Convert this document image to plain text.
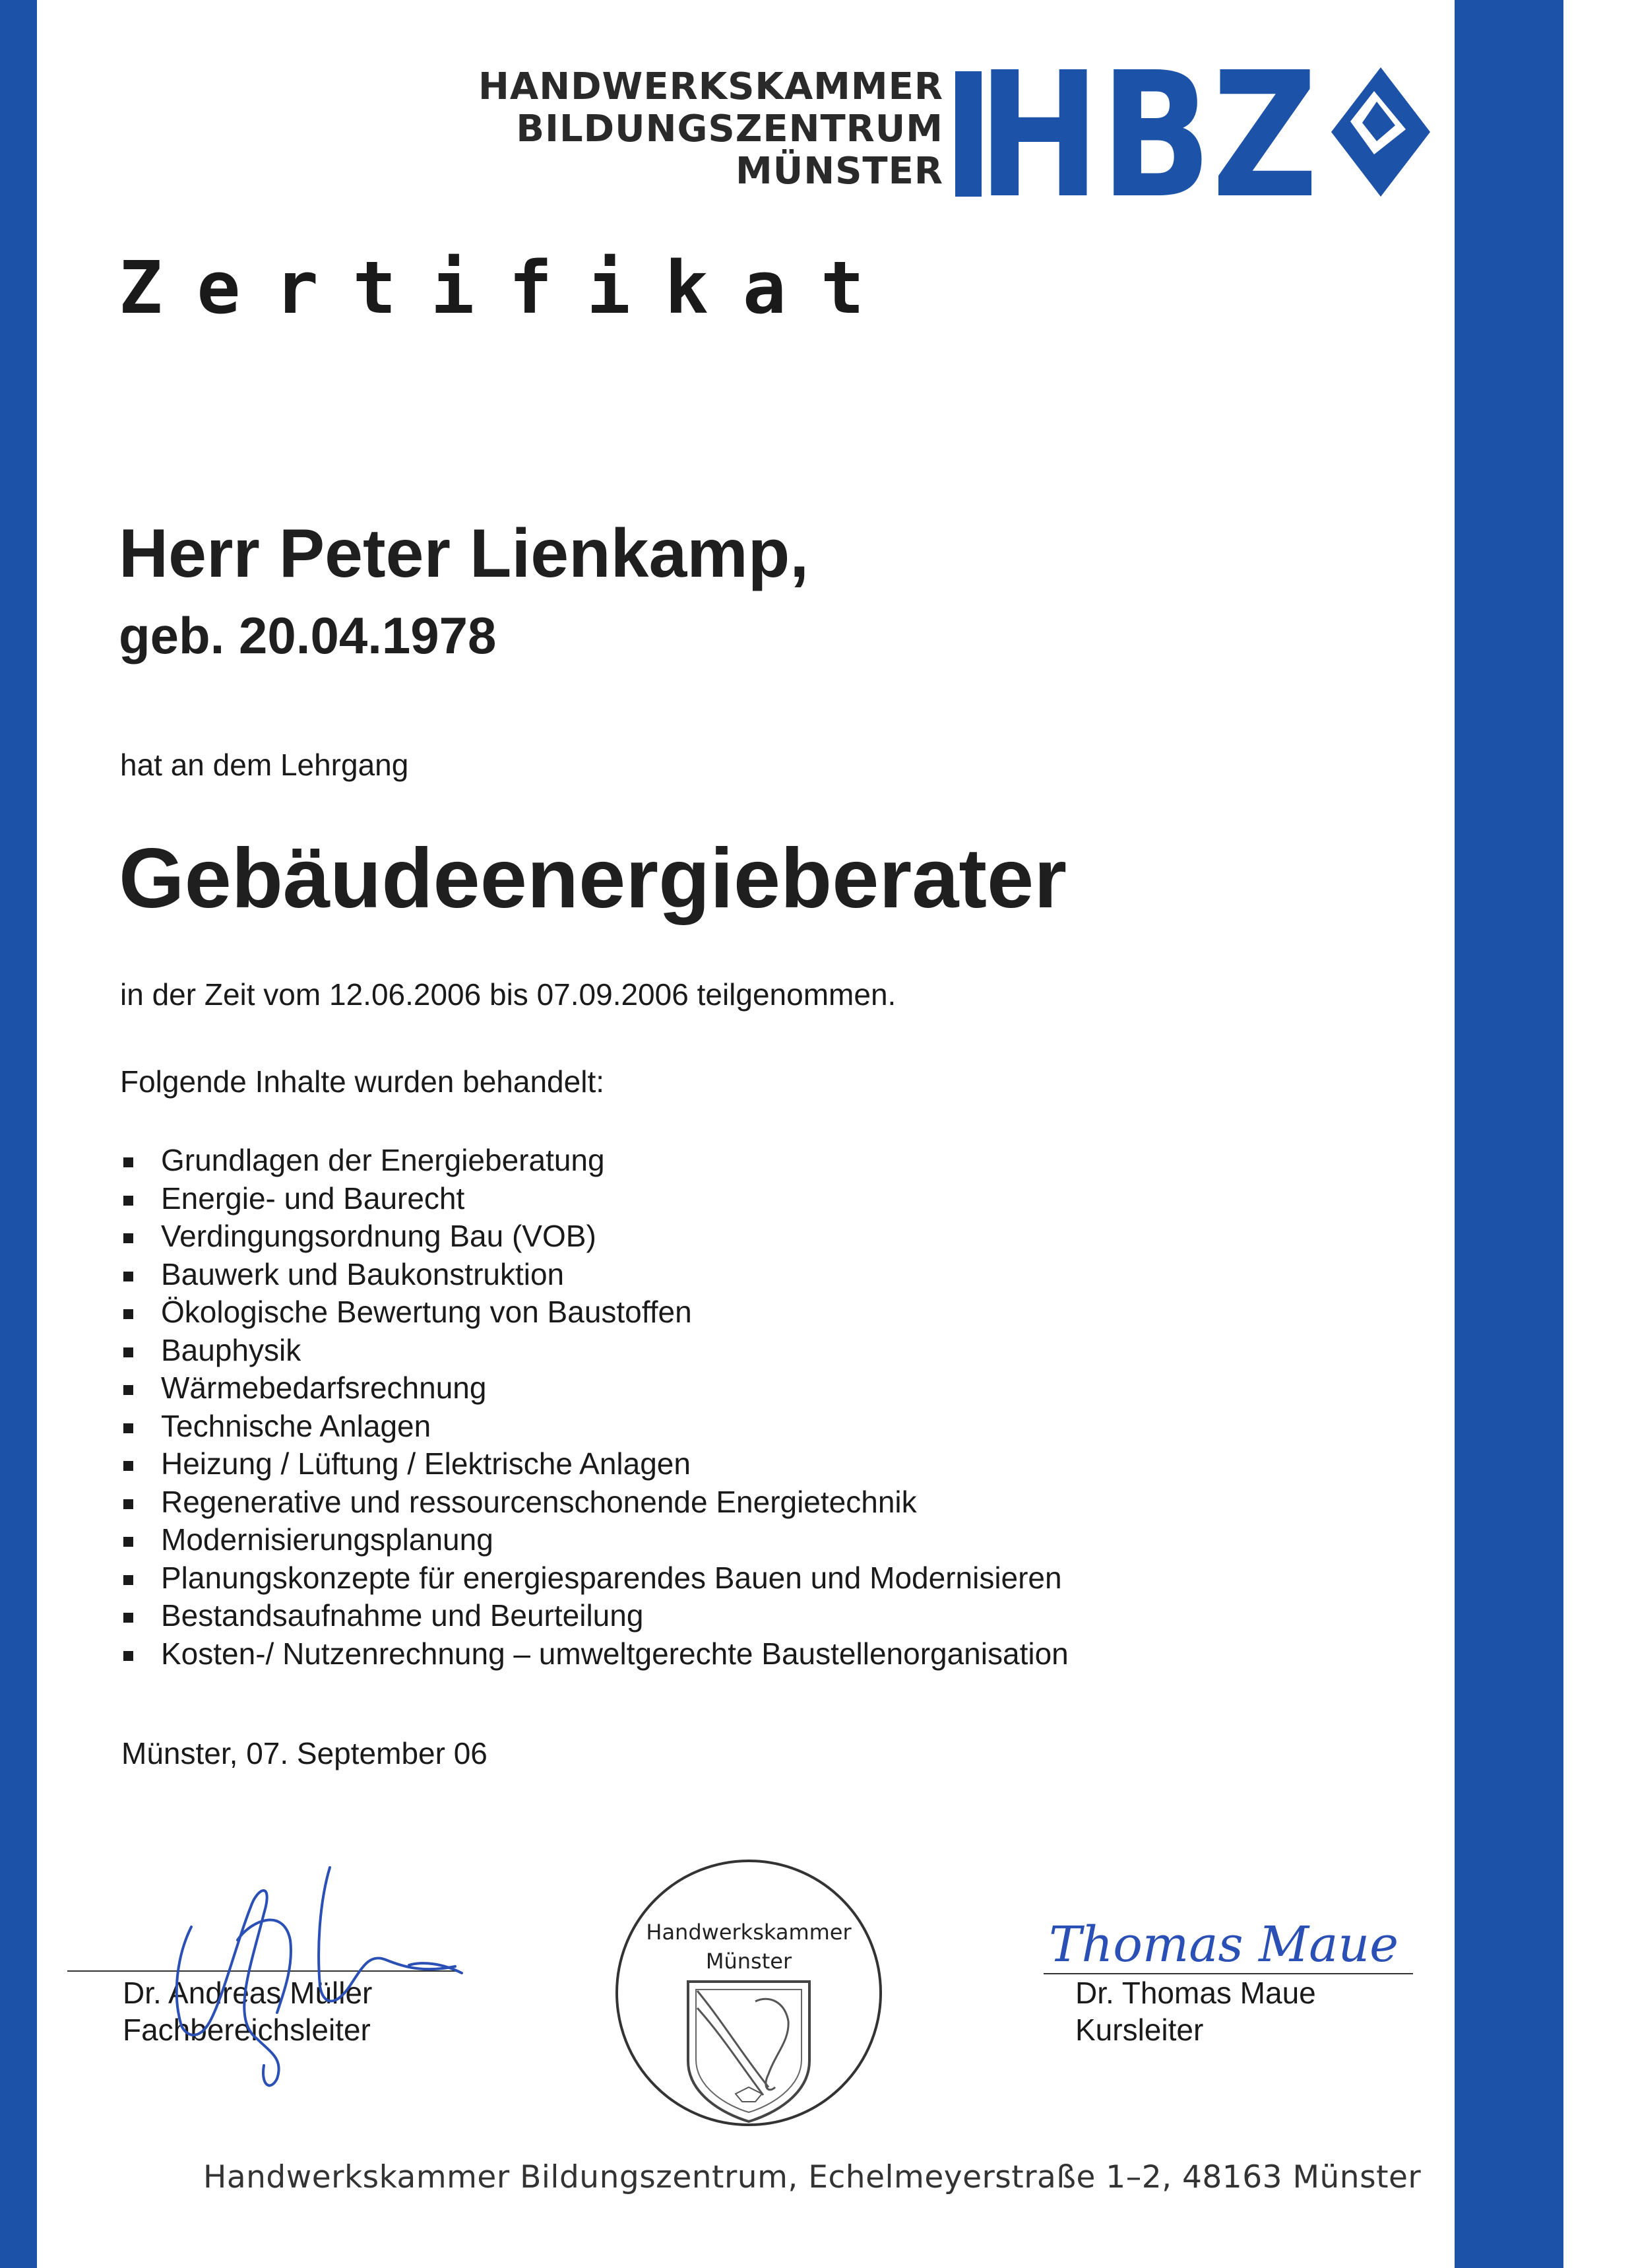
HANDWERKSKAMMER
BILDUNGSZENTRUM
MÜNSTER HBZ
Zertifikat
Herr Peter Lienkamp,
geb. 20.04.1978
hat an dem Lehrgang
Gebäudeenergieberater
in der Zeit vom 12.06.2006 bis 07.09.2006 teilgenommen.
Folgende Inhalte wurden behandelt:
Grundlagen der Energieberatung
Energie- und Baurecht
Verdingungsordnung Bau (VOB)
Bauwerk und Baukonstruktion
Ökologische Bewertung von Baustoffen
Bauphysik
Wärmebedarfsrechnung
Technische Anlagen
Heizung / Lüftung / Elektrische Anlagen
Regenerative und ressourcenschonende Energietechnik
Modernisierungsplanung
Planungskonzepte für energiesparendes Bauen und Modernisieren
Bestandsaufnahme und Beurteilung
Kosten-/ Nutzenrechnung – umweltgerechte Baustellenorganisation
Münster, 07. September 06
Dr. Andreas Müller
Fachbereichsleiter
Handwerkskammer
Münster
Dr. Thomas Maue
Kursleiter
Thomas Maue
Handwerkskammer Bildungszentrum, Echelmeyerstraße 1–2, 48163 Münster
